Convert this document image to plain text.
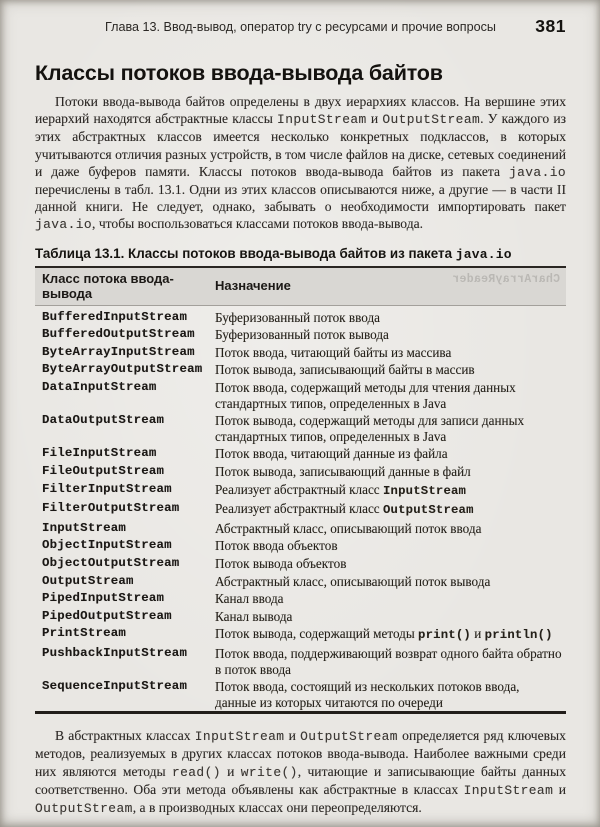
Глава 13. Ввод-вывод, оператор try с ресурсами и прочие вопросы 381
Классы потоков ввода-вывода байтов

Потоки ввода-вывода байтов определены в двух иерархиях классов. На вершине этих иерархий находятся абстрактные классы InputStream и OutputStream. У каждого из этих абстрактных классов имеется несколько конкретных подклассов, в которых учитываются отличия разных устройств, в том числе файлов на диске, сетевых соединений и даже буферов памяти. Классы потоков ввода-вывода байтов из пакета java.io перечислены в табл. 13.1. Одни из этих классов описываются ниже, а другие — в части II данной книги. Не следует, однако, забывать о необходимости импортировать пакет java.io, чтобы воспользоваться классами потоков ввода-вывода.

Таблица 13.1. Классы потоков ввода-вывода байтов из пакета java.io
Класс потока ввода-вывода	Назначение CharArrayReader

BufferedInputStream	Буферизованный поток ввода
BufferedOutputStream	Буферизованный поток вывода
ByteArrayInputStream	Поток ввода, читающий байты из массива
ByteArrayOutputStream	Поток вывода, записывающий байты в массив
DataInputStream	Поток ввода, содержащий методы для чтения данных стандартных типов, определенных в Java
DataOutputStream	Поток вывода, содержащий методы для записи данных стандартных типов, определенных в Java
FileInputStream	Поток ввода, читающий данные из файла
FileOutputStream	Поток вывода, записывающий данные в файл
FilterInputStream	Реализует абстрактный класс InputStream
FilterOutputStream	Реализует абстрактный класс OutputStream
InputStream	Абстрактный класс, описывающий поток ввода
ObjectInputStream	Поток ввода объектов
ObjectOutputStream	Поток вывода объектов
OutputStream	Абстрактный класс, описывающий поток вывода
PipedInputStream	Канал ввода
PipedOutputStream	Канал вывода
PrintStream	Поток вывода, содержащий методы print() и println()
PushbackInputStream	Поток ввода, поддерживающий возврат одного байта обратно в поток ввода
SequenceInputStream	Поток ввода, состоящий из нескольких потоков ввода, данные из которых читаются по очереди

В абстрактных классах InputStream и OutputStream определяется ряд ключевых методов, реализуемых в других классах потоков ввода-вывода. Наиболее важными среди них являются методы read() и write(), читающие и записывающие байты данных соответственно. Оба эти метода объявлены как абстрактные в классах InputStream и OutputStream, а в производных классах они переопределяются.
